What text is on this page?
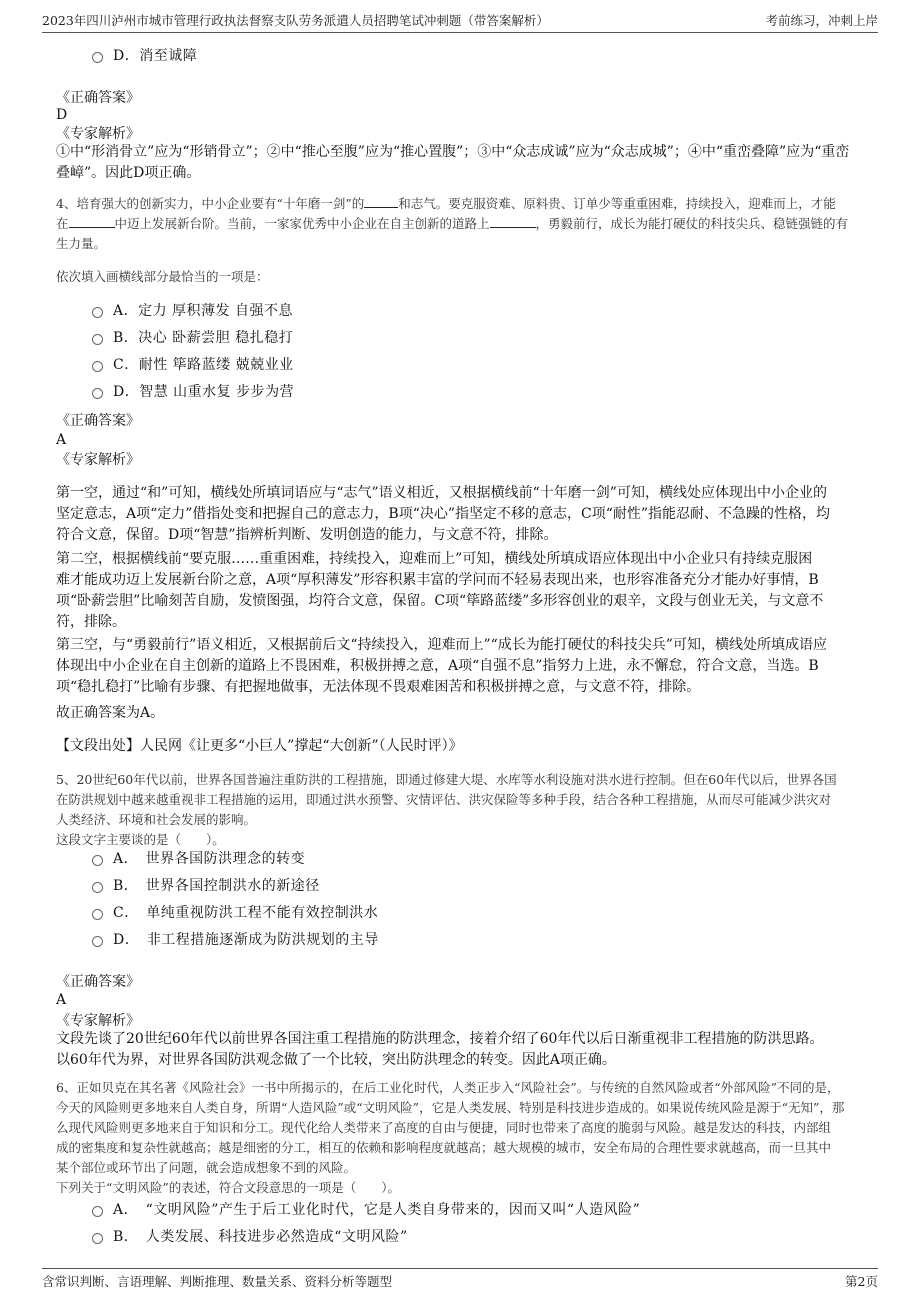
2023年四川泸州市城市管理行政执法督察支队劳务派遣人员招聘笔试冲刺题（带答案解析）	考前练习，冲刺上岸
D．消至诚障
《正确答案》
D
《专家解析》
①中“形消骨立”应为“形销骨立”；②中“推心至腹”应为“推心置腹”；③中“众志成诚”应为“众志成城”；④中“重峦叠障”应为“重峦
叠嶂”。因此D项正确。
4、培育强大的创新实力，中小企业要有“十年磨一剑”的	和志气。要克服资难、原料贵、订单少等重重困难，持续投入，迎难而上，才能
在	中迈上发展新台阶。当前，一家家优秀中小企业在自主创新的道路上	，勇毅前行，成长为能打硬仗的科技尖兵、稳链强链的有
生力量。
依次填入画横线部分最恰当的一项是：
A．定力 厚积薄发 自强不息
B．决心 卧薪尝胆 稳扎稳打
C．耐性 筚路蓝缕 兢兢业业
D．智慧 山重水复 步步为营
《正确答案》
A
《专家解析》
第一空，通过“和”可知，横线处所填词语应与“志气”语义相近，又根据横线前“十年磨一剑”可知，横线处应体现出中小企业的
坚定意志，A项“定力”借指处变和把握自己的意志力，B项“决心”指坚定不移的意志，C项“耐性”指能忍耐、不急躁的性格，均
符合文意，保留。D项“智慧”指辨析判断、发明创造的能力，与文意不符，排除。
第二空，根据横线前“要克服……重重困难，持续投入，迎难而上”可知，横线处所填成语应体现出中小企业只有持续克服困
难才能成功迈上发展新台阶之意，A项“厚积薄发”形容积累丰富的学问而不轻易表现出来，也形容准备充分才能办好事情，B
项“卧薪尝胆”比喻刻苦自励，发愤图强，均符合文意，保留。C项“筚路蓝缕”多形容创业的艰辛，文段与创业无关，与文意不
符，排除。
第三空，与“勇毅前行”语义相近，又根据前后文“持续投入，迎难而上”“成长为能打硬仗的科技尖兵”可知，横线处所填成语应
体现出中小企业在自主创新的道路上不畏困难，积极拼搏之意，A项“自强不息”指努力上进，永不懈怠，符合文意，当选。B
项“稳扎稳打”比喻有步骤、有把握地做事，无法体现不畏艰难困苦和积极拼搏之意，与文意不符，排除。
故正确答案为A。
【文段出处】人民网《让更多“小巨人”撑起“大创新”（人民时评）》
5、20世纪60年代以前，世界各国普遍注重防洪的工程措施，即通过修建大堤、水库等水利设施对洪水进行控制。但在60年代以后，世界各国
在防洪规划中越来越重视非工程措施的运用，即通过洪水预警、灾情评估、洪灾保险等多种手段，结合各种工程措施，从而尽可能减少洪灾对
人类经济、环境和社会发展的影响。
这段文字主要谈的是（　　）。
A．　世界各国防洪理念的转变
B．　世界各国控制洪水的新途径
C．　单纯重视防洪工程不能有效控制洪水
D．　非工程措施逐渐成为防洪规划的主导
《正确答案》
A
《专家解析》
文段先谈了20世纪60年代以前世界各国注重工程措施的防洪理念，接着介绍了60年代以后日渐重视非工程措施的防洪思路。
以60年代为界，对世界各国防洪观念做了一个比较，突出防洪理念的转变。因此A项正确。
6、正如贝克在其名著《风险社会》一书中所揭示的，在后工业化时代，人类正步入“风险社会”。与传统的自然风险或者“外部风险”不同的是，
今天的风险则更多地来自人类自身，所谓“人造风险”或“文明风险”，它是人类发展、特别是科技进步造成的。如果说传统风险是源于“无知”，那
么现代风险则更多地来自于知识和分工。现代化给人类带来了高度的自由与便捷，同时也带来了高度的脆弱与风险。越是发达的科技，内部组
成的密集度和复杂性就越高；越是细密的分工，相互的依赖和影响程度就越高；越大规模的城市，安全布局的合理性要求就越高，而一旦其中
某个部位或环节出了问题，就会造成想象不到的风险。
下列关于“文明风险”的表述，符合文段意思的一项是（　　）。
A．　“文明风险”产生于后工业化时代，它是人类自身带来的，因而又叫“人造风险”
B．　人类发展、科技进步必然造成“文明风险”
含常识判断、言语理解、判断推理、数量关系、资料分析等题型	第2页
